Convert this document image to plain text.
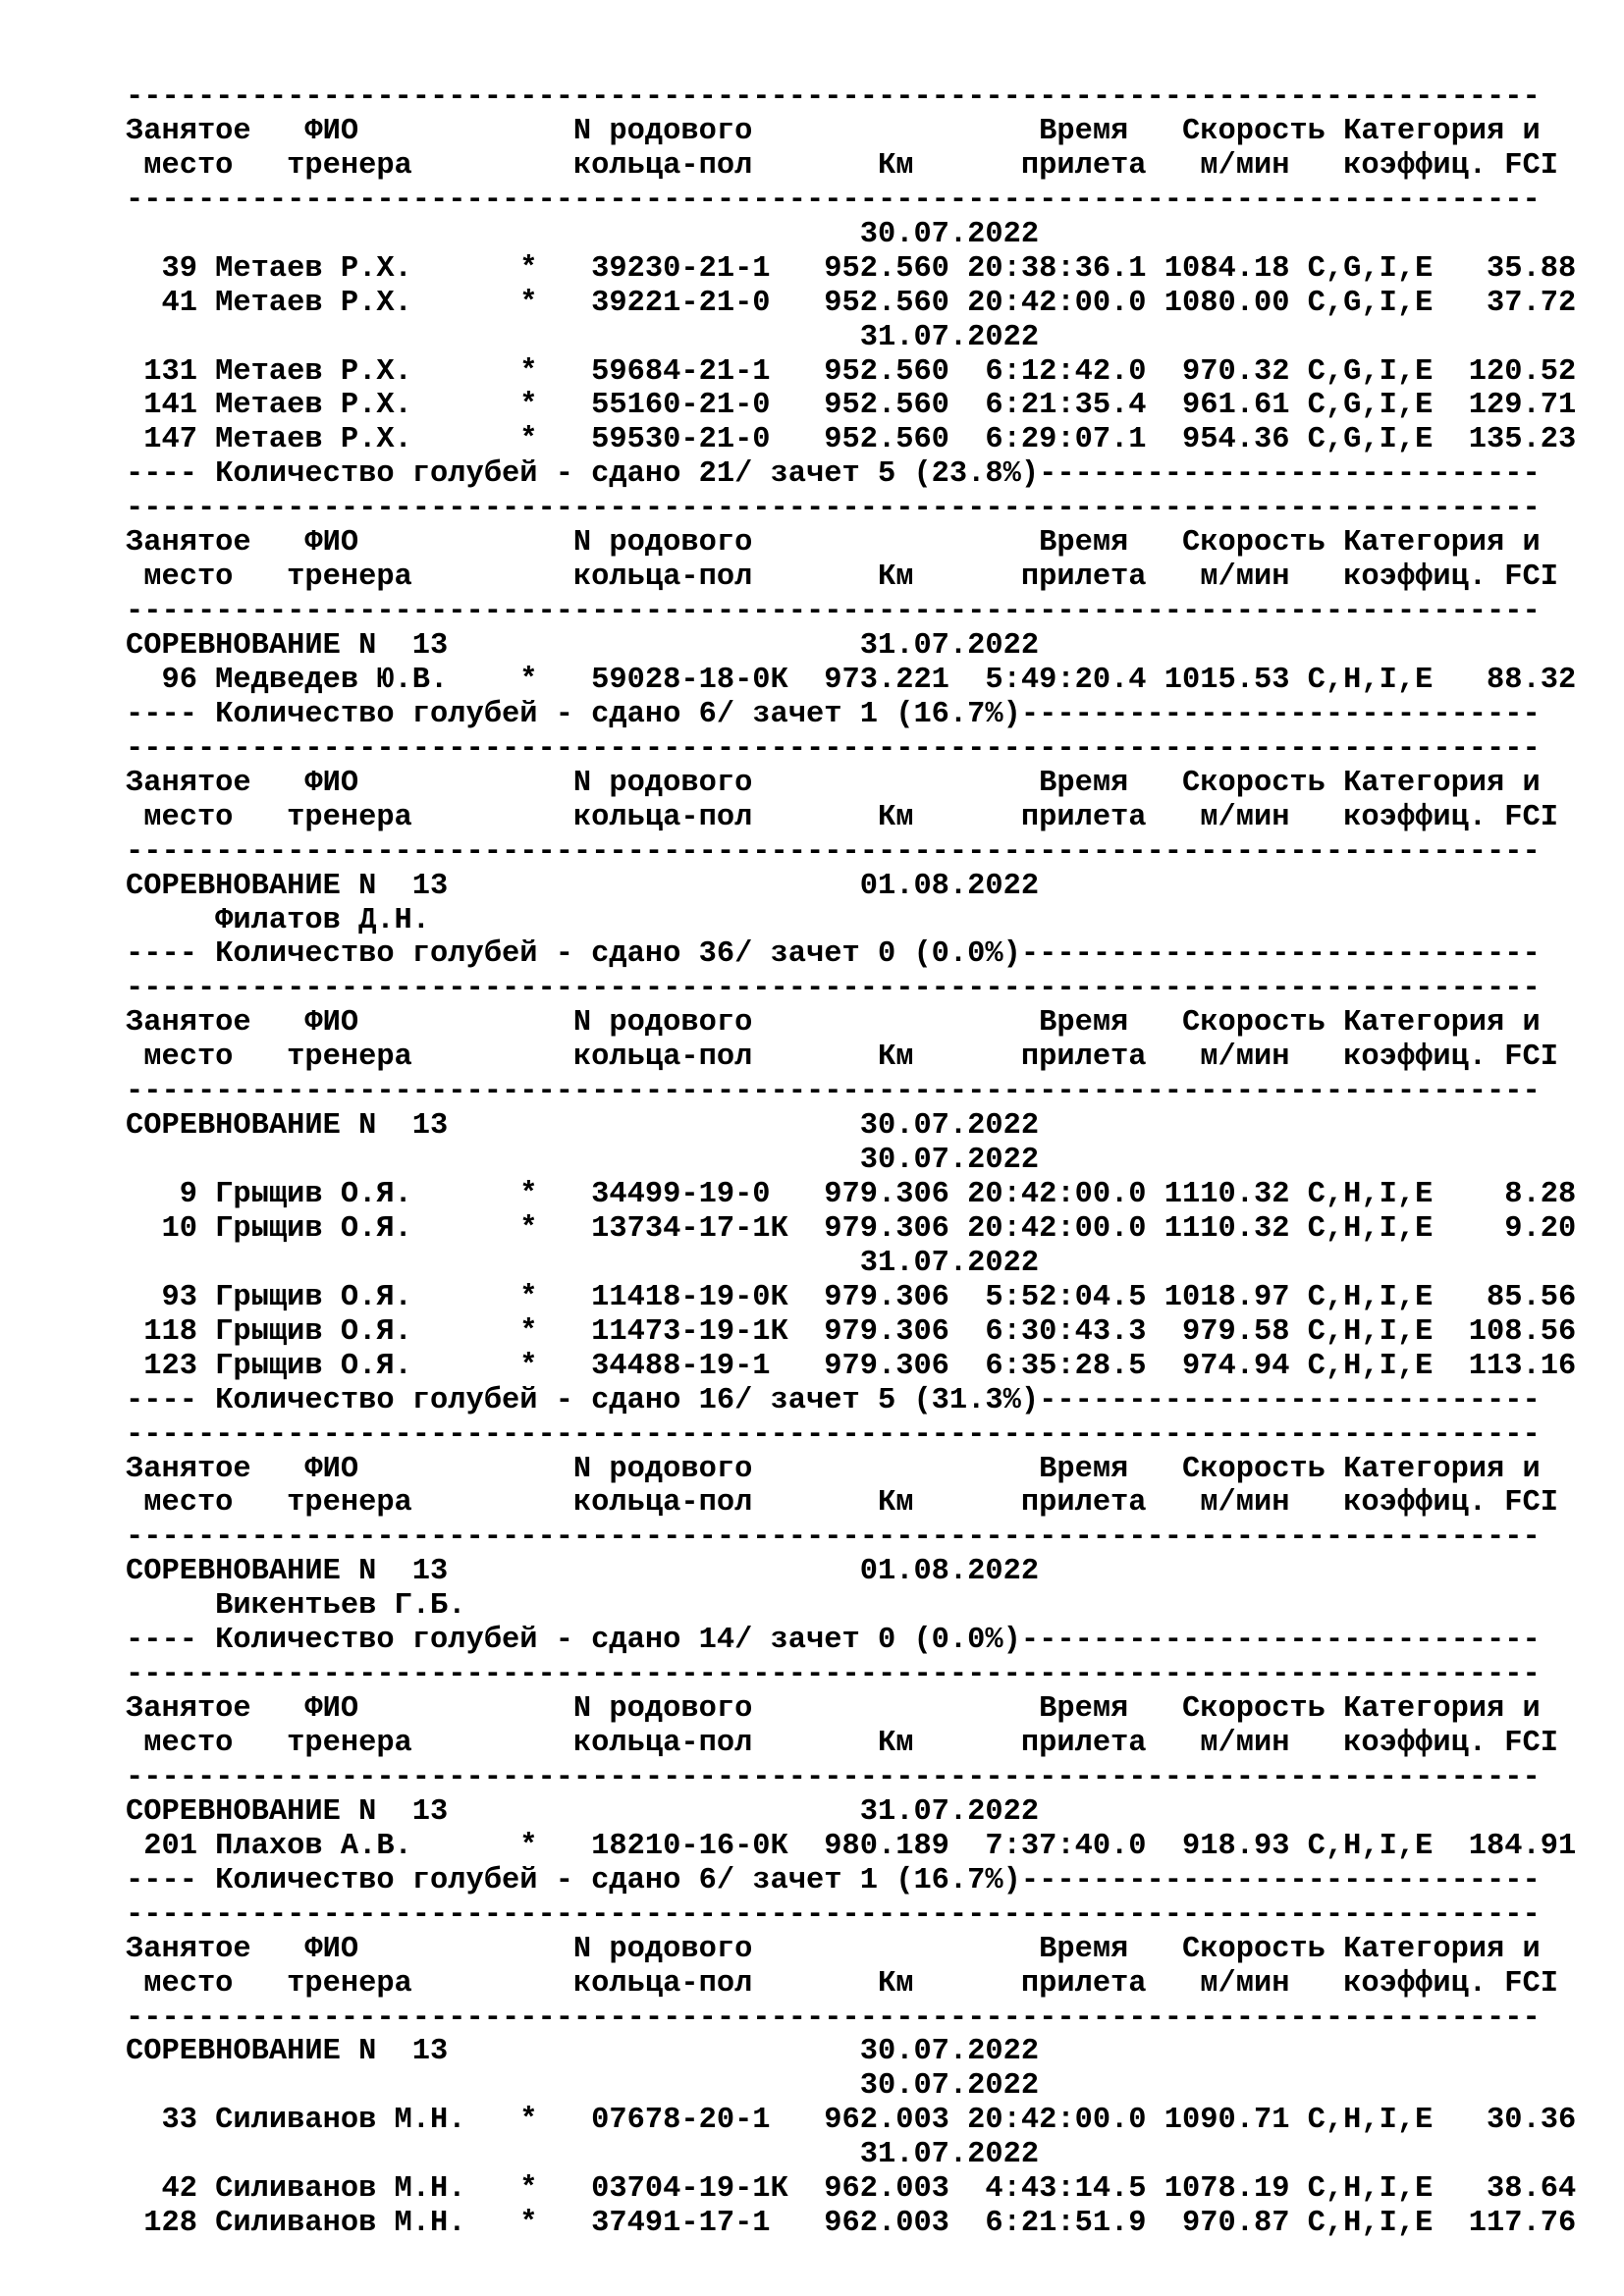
-------------------------------------------------------------------------------
Занятое   ФИО            N родового                Время   Скорость Категория и
место   тренера         кольца-пол       Км      прилета   м/мин   коэффиц. FCI
-------------------------------------------------------------------------------
30.07.2022
39 Метаев Р.Х.      *   39230-21-1   952.560 20:38:36.1 1084.18 C,G,I,E   35.88
41 Метаев Р.Х.      *   39221-21-0   952.560 20:42:00.0 1080.00 C,G,I,E   37.72
31.07.2022
131 Метаев Р.Х.      *   59684-21-1   952.560  6:12:42.0  970.32 C,G,I,E  120.52
141 Метаев Р.Х.      *   55160-21-0   952.560  6:21:35.4  961.61 C,G,I,E  129.71
147 Метаев Р.Х.      *   59530-21-0   952.560  6:29:07.1  954.36 C,G,I,E  135.23
---- Количество голубей - сдано 21/ зачет 5 (23.8%)----------------------------
-------------------------------------------------------------------------------
Занятое   ФИО            N родового                Время   Скорость Категория и
место   тренера         кольца-пол       Км      прилета   м/мин   коэффиц. FCI
-------------------------------------------------------------------------------
СОРЕВНОВАНИЕ N  13                       31.07.2022
96 Медведев Ю.В.    *   59028-18-0К  973.221  5:49:20.4 1015.53 C,H,I,E   88.32
---- Количество голубей - сдано 6/ зачет 1 (16.7%)-----------------------------
-------------------------------------------------------------------------------
Занятое   ФИО            N родового                Время   Скорость Категория и
место   тренера         кольца-пол       Км      прилета   м/мин   коэффиц. FCI
-------------------------------------------------------------------------------
СОРЕВНОВАНИЕ N  13                       01.08.2022
Филатов Д.Н.
---- Количество голубей - сдано 36/ зачет 0 (0.0%)-----------------------------
-------------------------------------------------------------------------------
Занятое   ФИО            N родового                Время   Скорость Категория и
место   тренера         кольца-пол       Км      прилета   м/мин   коэффиц. FCI
-------------------------------------------------------------------------------
СОРЕВНОВАНИЕ N  13                       30.07.2022
30.07.2022
9 Грыщив О.Я.      *   34499-19-0   979.306 20:42:00.0 1110.32 C,H,I,E    8.28
10 Грыщив О.Я.      *   13734-17-1К  979.306 20:42:00.0 1110.32 C,H,I,E    9.20
31.07.2022
93 Грыщив О.Я.      *   11418-19-0К  979.306  5:52:04.5 1018.97 C,H,I,E   85.56
118 Грыщив О.Я.      *   11473-19-1К  979.306  6:30:43.3  979.58 C,H,I,E  108.56
123 Грыщив О.Я.      *   34488-19-1   979.306  6:35:28.5  974.94 C,H,I,E  113.16
---- Количество голубей - сдано 16/ зачет 5 (31.3%)----------------------------
-------------------------------------------------------------------------------
Занятое   ФИО            N родового                Время   Скорость Категория и
место   тренера         кольца-пол       Км      прилета   м/мин   коэффиц. FCI
-------------------------------------------------------------------------------
СОРЕВНОВАНИЕ N  13                       01.08.2022
Викентьев Г.Б.
---- Количество голубей - сдано 14/ зачет 0 (0.0%)-----------------------------
-------------------------------------------------------------------------------
Занятое   ФИО            N родового                Время   Скорость Категория и
место   тренера         кольца-пол       Км      прилета   м/мин   коэффиц. FCI
-------------------------------------------------------------------------------
СОРЕВНОВАНИЕ N  13                       31.07.2022
201 Плахов А.В.      *   18210-16-0К  980.189  7:37:40.0  918.93 C,H,I,E  184.91
---- Количество голубей - сдано 6/ зачет 1 (16.7%)-----------------------------
-------------------------------------------------------------------------------
Занятое   ФИО            N родового                Время   Скорость Категория и
место   тренера         кольца-пол       Км      прилета   м/мин   коэффиц. FCI
-------------------------------------------------------------------------------
СОРЕВНОВАНИЕ N  13                       30.07.2022
30.07.2022
33 Силиванов М.Н.   *   07678-20-1   962.003 20:42:00.0 1090.71 C,H,I,E   30.36
31.07.2022
42 Силиванов М.Н.   *   03704-19-1К  962.003  4:43:14.5 1078.19 C,H,I,E   38.64
128 Силиванов М.Н.   *   37491-17-1   962.003  6:21:51.9  970.87 C,H,I,E  117.76
